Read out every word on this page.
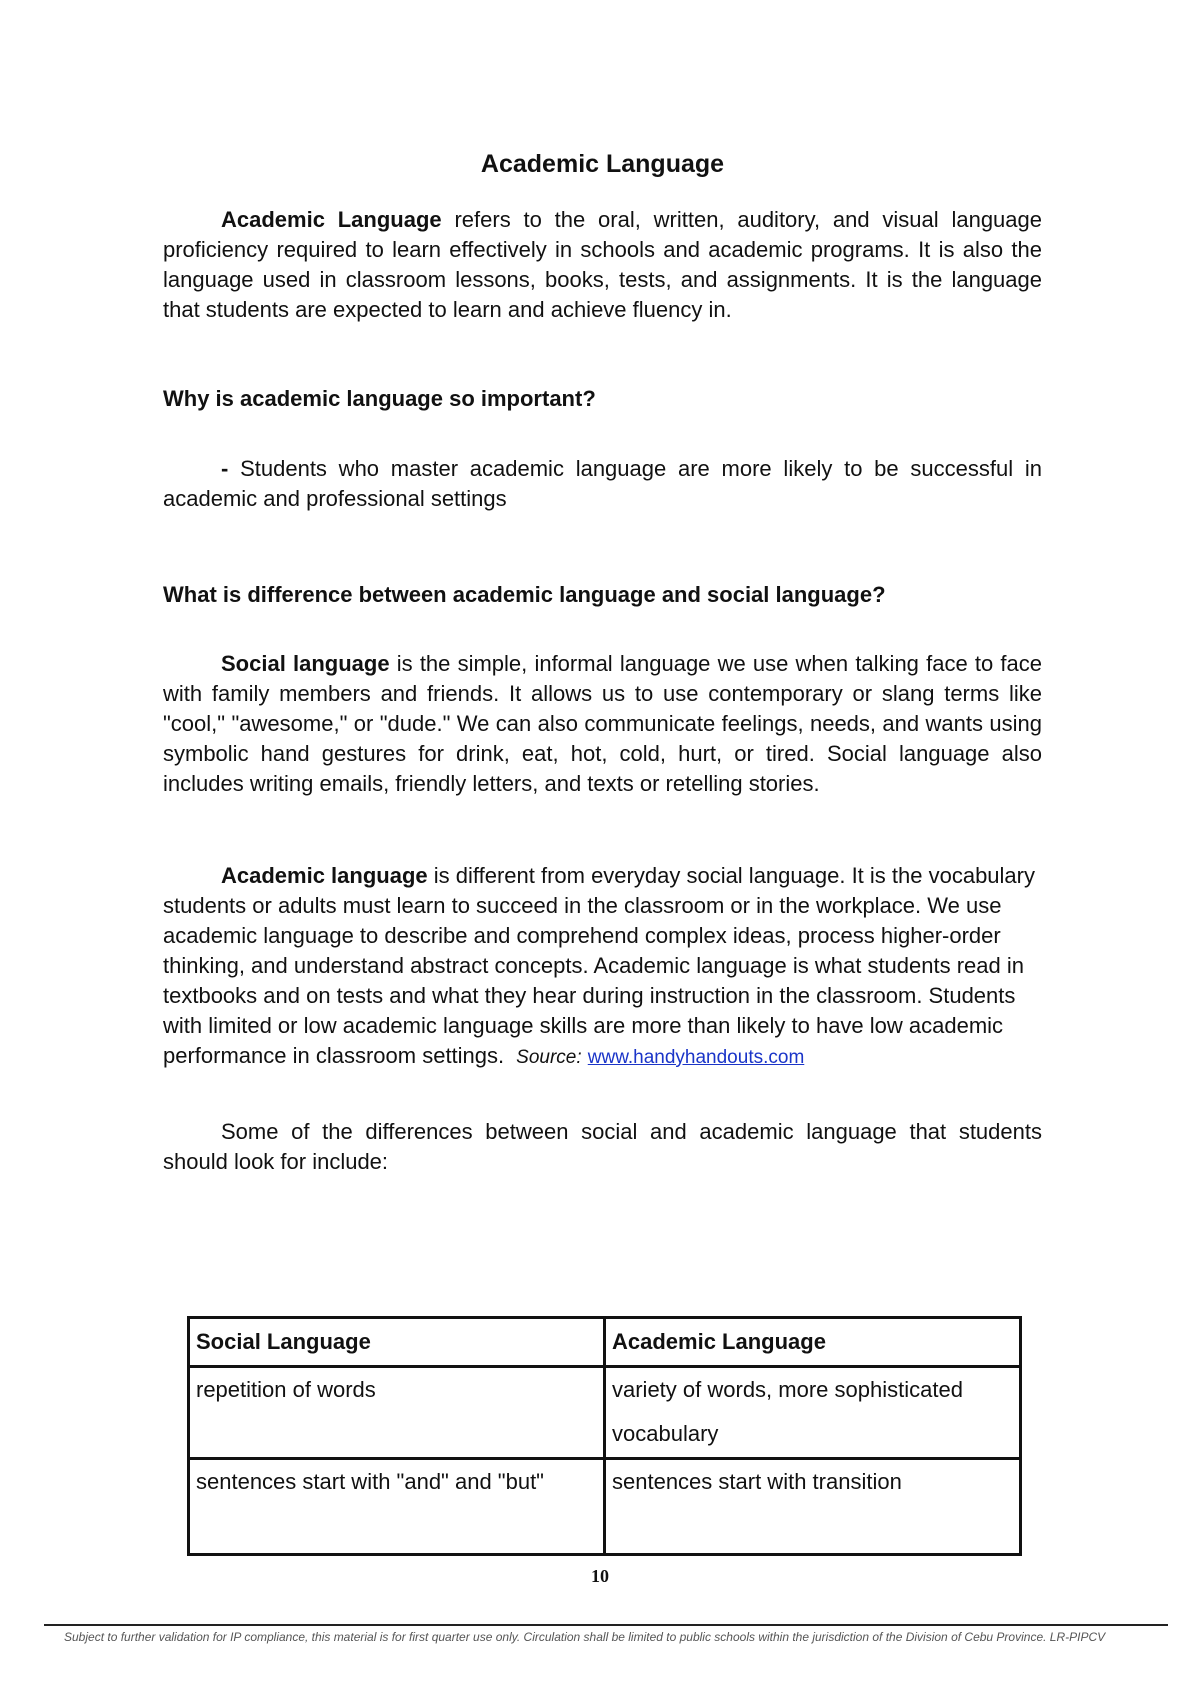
Academic Language

Academic Language refers to the oral, written, auditory, and visual language proficiency required to learn effectively in schools and academic programs. It is also the language used in classroom lessons, books, tests, and assignments. It is the language that students are expected to learn and achieve fluency in.

Why is academic language so important?

- Students who master academic language are more likely to be successful in academic and professional settings

What is difference between academic language and social language?

Social language is the simple, informal language we use when talking face to face with family members and friends. It allows us to use contemporary or slang terms like "cool," "awesome," or "dude." We can also communicate feelings, needs, and wants using symbolic hand gestures for drink, eat, hot, cold, hurt, or tired. Social language also includes writing emails, friendly letters, and texts or retelling stories.

Academic language is different from everyday social language. It is the vocabulary students or adults must learn to succeed in the classroom or in the workplace. We use academic language to describe and comprehend complex ideas, process higher-order thinking, and understand abstract concepts. Academic language is what students read in textbooks and on tests and what they hear during instruction in the classroom. Students with limited or low academic language skills are more than likely to have low academic performance in classroom settings. Source: www.handyhandouts.com

Some of the differences between social and academic language that students should look for include:

Social Language	Academic Language
repetition of words	variety of words, more sophisticated vocabulary
sentences start with "and" and "but"	sentences start with transition
10
Subject to further validation for IP compliance, this material is for first quarter use only. Circulation shall be limited to public schools within the jurisdiction of the Division of Cebu Province. LR-PIPCV
